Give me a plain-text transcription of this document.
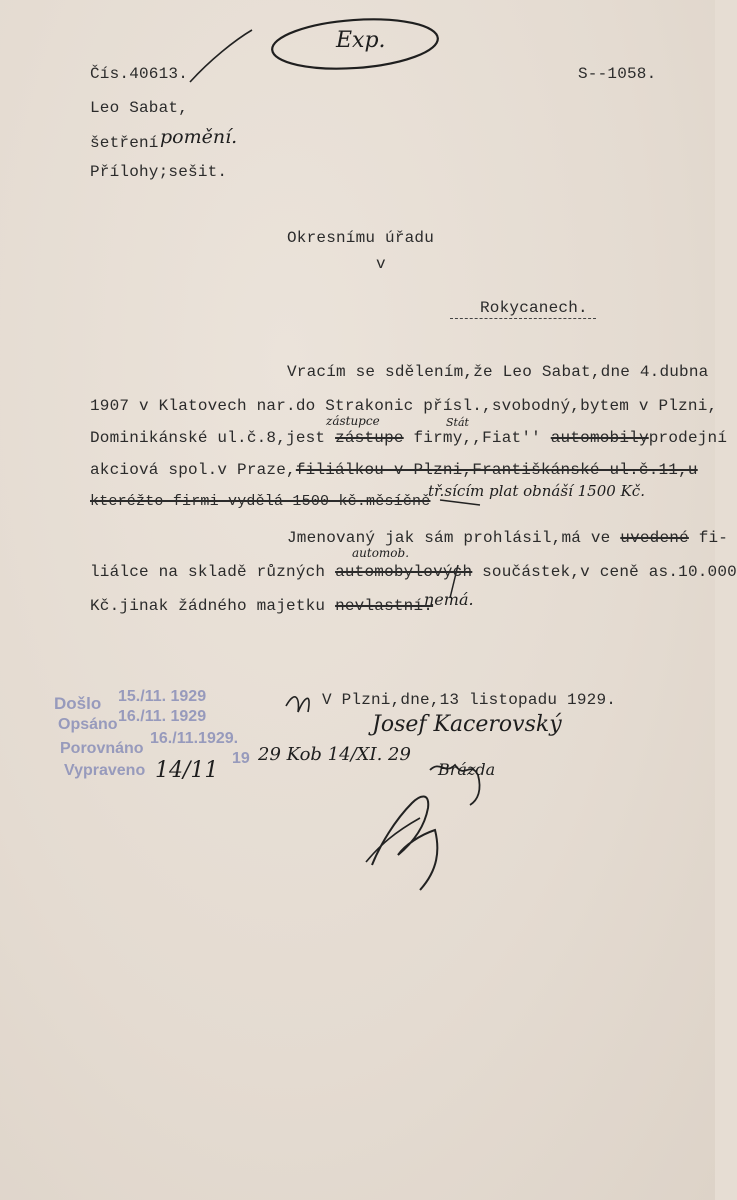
Exp.
Čís.40613.	S--1058.
Leo Sabat,
šetření pomění.
Přílohy;sešit.
Okresnímu úřadu
v
Rokycanech.
Vracím se sdělením,že Leo Sabat,dne 4.dubna
1907 v Klatovech nar.do Strakonic přísl.,svobodný,bytem v Plzni,
zástupce	Stát
Dominikánské ul.č.8,jest zástupe firmy,,Fiat'' automobilyprodejní
akciová spol.v Praze,filiálkou v Plzni,Františkánské ul.č.11,u
kteréžto firmi vydělá 1500 kč.měsíčně
tř.sícím plat obnáší 1500 Kč.
Jmenovaný jak sám prohlásil,má ve uvedené fi-
automob.
liálce na skladě různých automobylových součástek,v ceně as.10.000
Kč.jinak žádného majetku nevlastní.
nemá.
V Plzni,dne,13 listopadu 1929.
Josef Kacerovský
Brázda
Došlo 15./11. 1929
Opsáno 16./11. 1929
Porovnáno
16./11.1929.
Vypraveno
19
14/11
29 Kob 14/XI. 29
